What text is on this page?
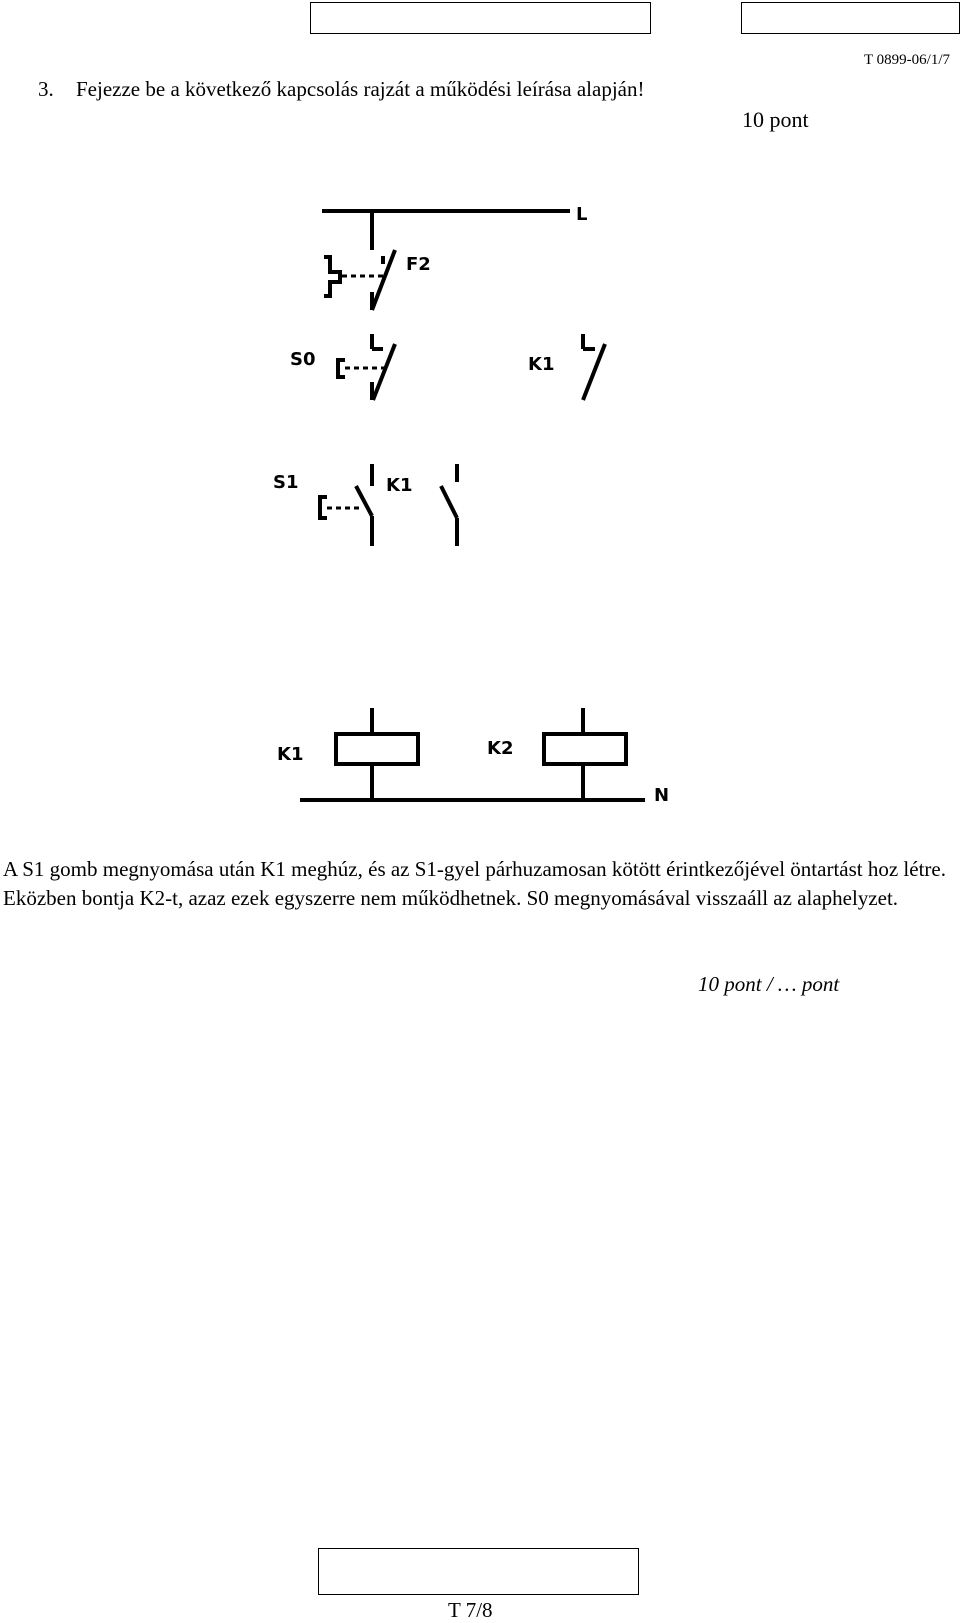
T 0899-06/1/7
3. Fejezze be a következő kapcsolás rajzát a működési leírása alapján!
10 pont
L
F2
S0	K1
S1	K1
K1	K2
N
A S1 gomb megnyomása után K1 meghúz, és az S1-gyel párhuzamosan kötött érintkezőjével öntartást hoz létre. Eközben bontja K2-t, azaz ezek egyszerre nem működhetnek. S0 megnyomásával visszaáll az alaphelyzet.
10 pont / … pont
T 7/8
